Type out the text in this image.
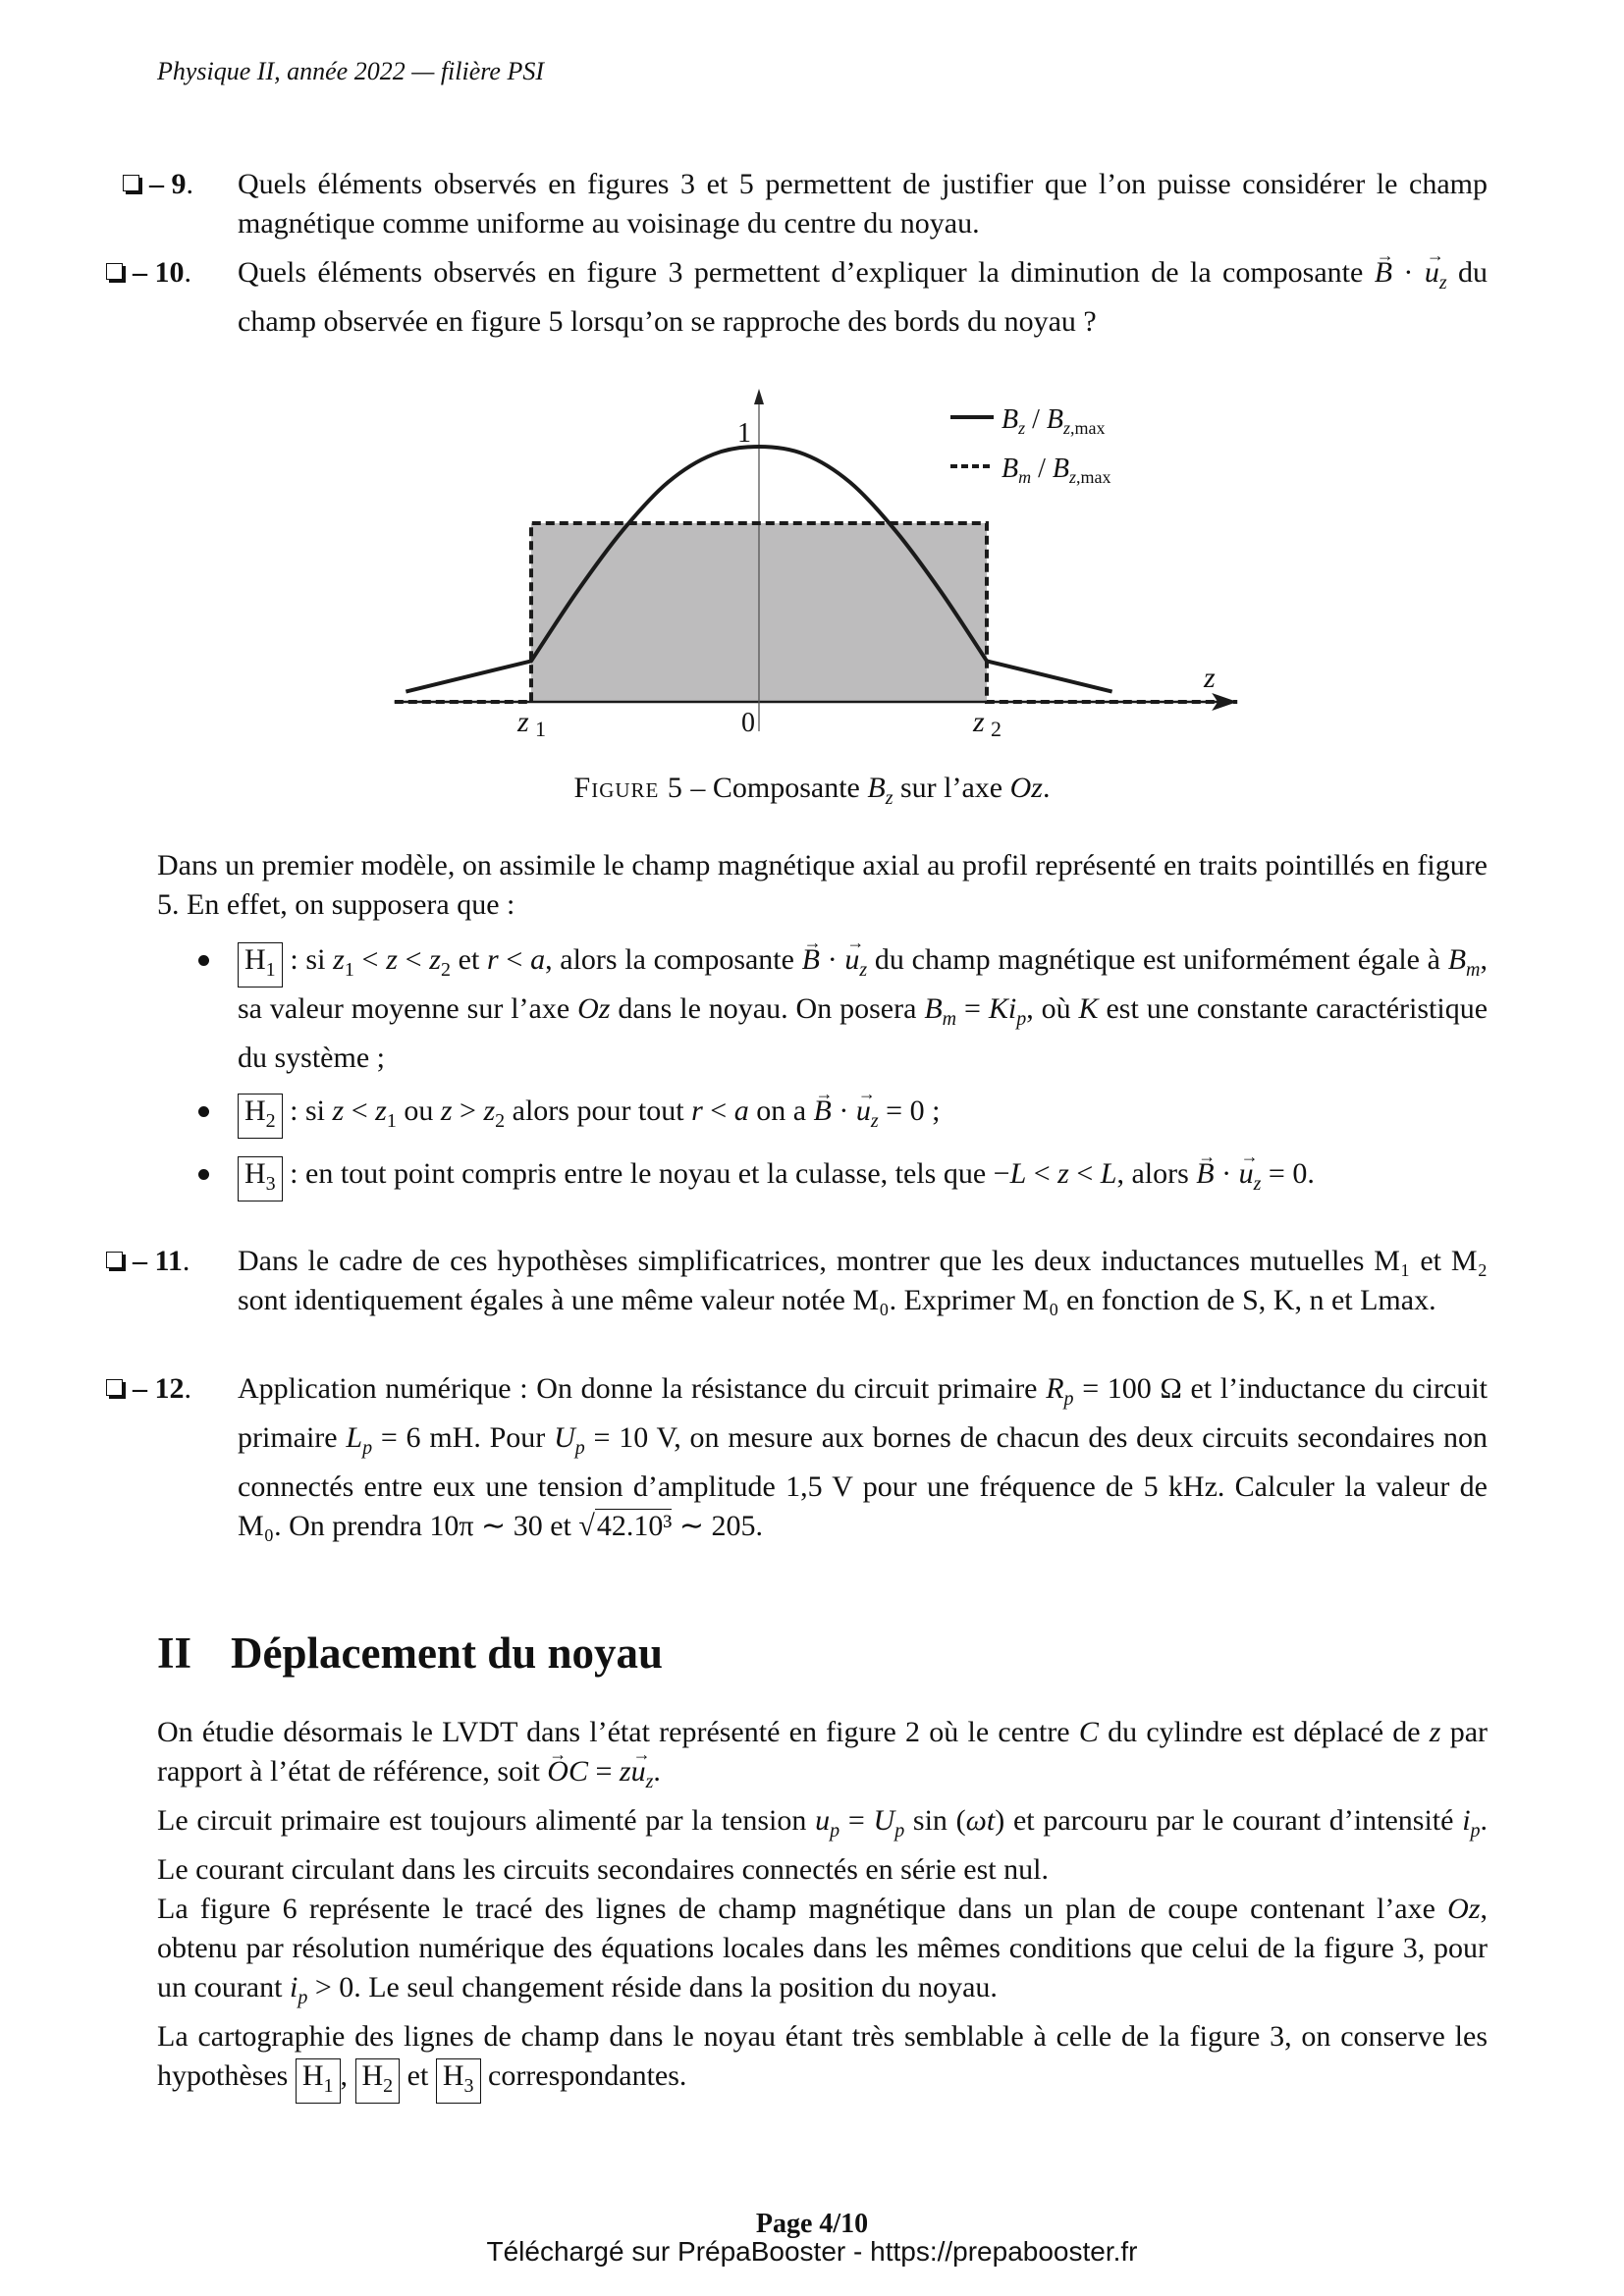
Physique II, année 2022 — filière PSI
– 9. Quels éléments observés en figures 3 et 5 permettent de justifier que l’on puisse considérer le champ magnétique comme uniforme au voisinage du centre du noyau.
– 10. Quels éléments observés en figure 3 permettent d’expliquer la diminution de la composante → B · → $u_z$ du champ observée en figure 5 lorsqu’on se rapproche des bords du noyau ?
z 1	0	z 2
1
z
$B_z / B_{z,max}$
$B_m / B_{z,max}$
Figure 5 – Composante $B_z$ sur l’axe Oz.
Dans un premier modèle, on assimile le champ magnétique axial au profil représenté en traits pointillés en figure 5. En effet, on supposera que :
$H_1$ : si $z_1 < z < z_2$ et r < a, alors la composante → B · → $u_z$ du champ magnétique est uniformément égale à $B_m$, sa valeur moyenne sur l’axe Oz dans le noyau. On posera $B_m = Ki_p$, où K est une constante caractéristique du système ;
$H_2$ : si $z < z_1$ ou $z > z_2$ alors pour tout r < a on a → B · → $u_z = 0$ ;
$H_3$ : en tout point compris entre le noyau et la culasse, tels que −L < z < L, alors → B · → $u_z = 0$.
– 11. Dans le cadre de ces hypothèses simplificatrices, montrer que les deux inductances mutuelles M₁ et M₂ sont identiquement égales à une même valeur notée M₀. Exprimer M₀ en fonction de S, K, n et Lmax.
– 12. Application numérique : On donne la résistance du circuit primaire $R_p = 100$ Ω et l’inductance du circuit primaire $L_p = 6$ mH. Pour $U_p = 10$ V, on mesure aux bornes de chacun des deux circuits secondaires non connectés entre eux une tension d’amplitude 1,5 V pour une fréquence de 5 kHz. Calculer la valeur de M₀. On prendra 10π ∼ 30 et √42.10³ ∼ 205.
II Déplacement du noyau
On étudie désormais le LVDT dans l’état représenté en figure 2 où le centre C du cylindre est déplacé de z par rapport à l’état de référence, soit → OC = $z\to u_z$.
Le circuit primaire est toujours alimenté par la tension $u_p = U_p$ sin (ωt) et parcouru par le courant d’intensité $i_p$. Le courant circulant dans les circuits secondaires connectés en série est nul.
La figure 6 représente le tracé des lignes de champ magnétique dans un plan de coupe contenant l’axe Oz, obtenu par résolution numérique des équations locales dans les mêmes conditions que celui de la figure 3, pour un courant $i_p > 0$. Le seul changement réside dans la position du noyau.
La cartographie des lignes de champ dans le noyau étant très semblable à celle de la figure 3, on conserve les hypothèses $H_1$ , $H_2$ et $H_3$ correspondantes.
Page 4/10
Téléchargé sur PrépaBooster - https://prepabooster.fr
